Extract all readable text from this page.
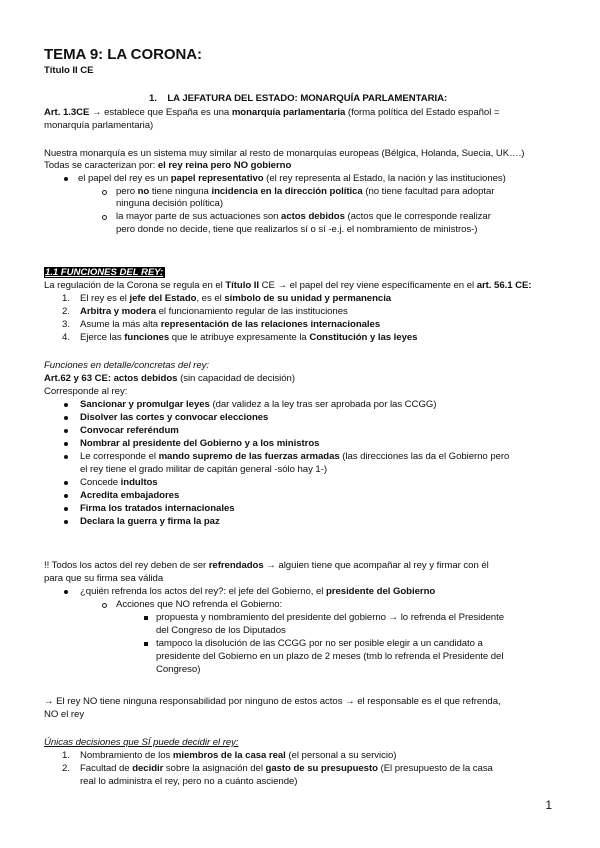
TEMA 9: LA CORONA:
Título II CE
1. LA JEFATURA DEL ESTADO: MONARQUÍA PARLAMENTARIA:
Art. 1.3CE → establece que España es una monarquía parlamentaria (forma política del Estado español =
monarquía parlamentaria)
Nuestra monarquía es un sistema muy similar al resto de monarquías europeas (Bélgica, Holanda, Suecia, UK….)
Todas se caracterizan por: el rey reina pero NO gobierno
el papel del rey es un papel representativo (el rey representa al Estado, la nación y las instituciones)
pero no tiene ninguna incidencia en la dirección política (no tiene facultad para adoptar
ninguna decisión política)
la mayor parte de sus actuaciones son actos debidos (actos que le corresponde realizar
pero donde no decide, tiene que realizarlos sí o sí -e.j. el nombramiento de ministros-)
1.1 FUNCIONES DEL REY:
La regulación de la Corona se regula en el Título II CE → el papel del rey viene específicamente en el art. 56.1 CE:
1. El rey es el jefe del Estado, es el símbolo de su unidad y permanencia
2. Arbitra y modera el funcionamiento regular de las instituciones
3. Asume la más alta representación de las relaciones internacionales
4. Ejerce las funciones que le atribuye expresamente la Constitución y las leyes
Funciones en detalle/concretas del rey:
Art.62 y 63 CE: actos debidos (sin capacidad de decisión)
Corresponde al rey:
Sancionar y promulgar leyes (dar validez a la ley tras ser aprobada por las CCGG)
Disolver las cortes y convocar elecciones
Convocar referéndum
Nombrar al presidente del Gobierno y a los ministros
Le corresponde el mando supremo de las fuerzas armadas (las direcciones las da el Gobierno pero
el rey tiene el grado militar de capitán general -sólo hay 1-)
Concede indultos
Acredita embajadores
Firma los tratados internacionales
Declara la guerra y firma la paz
!! Todos los actos del rey deben de ser refrendados → alguien tiene que acompañar al rey y firmar con él
para que su firma sea válida
¿quién refrenda los actos del rey?: el jefe del Gobierno, el presidente del Gobierno
Acciones que NO refrenda el Gobierno:
propuesta y nombramiento del presidente del gobierno → lo refrenda el Presidente
del Congreso de los Diputados
tampoco la disolución de las CCGG por no ser posible elegir a un candidato a
presidente del Gobierno en un plazo de 2 meses (tmb lo refrenda el Presidente del
Congreso)
→ El rey NO tiene ninguna responsabilidad por ninguno de estos actos → el responsable es el que refrenda,
NO el rey
Únicas decisiones que SÍ puede decidir el rey:
1. Nombramiento de los miembros de la casa real (el personal a su servicio)
2. Facultad de decidir sobre la asignación del gasto de su presupuesto (El presupuesto de la casa
real lo administra el rey, pero no a cuánto asciende)
1
